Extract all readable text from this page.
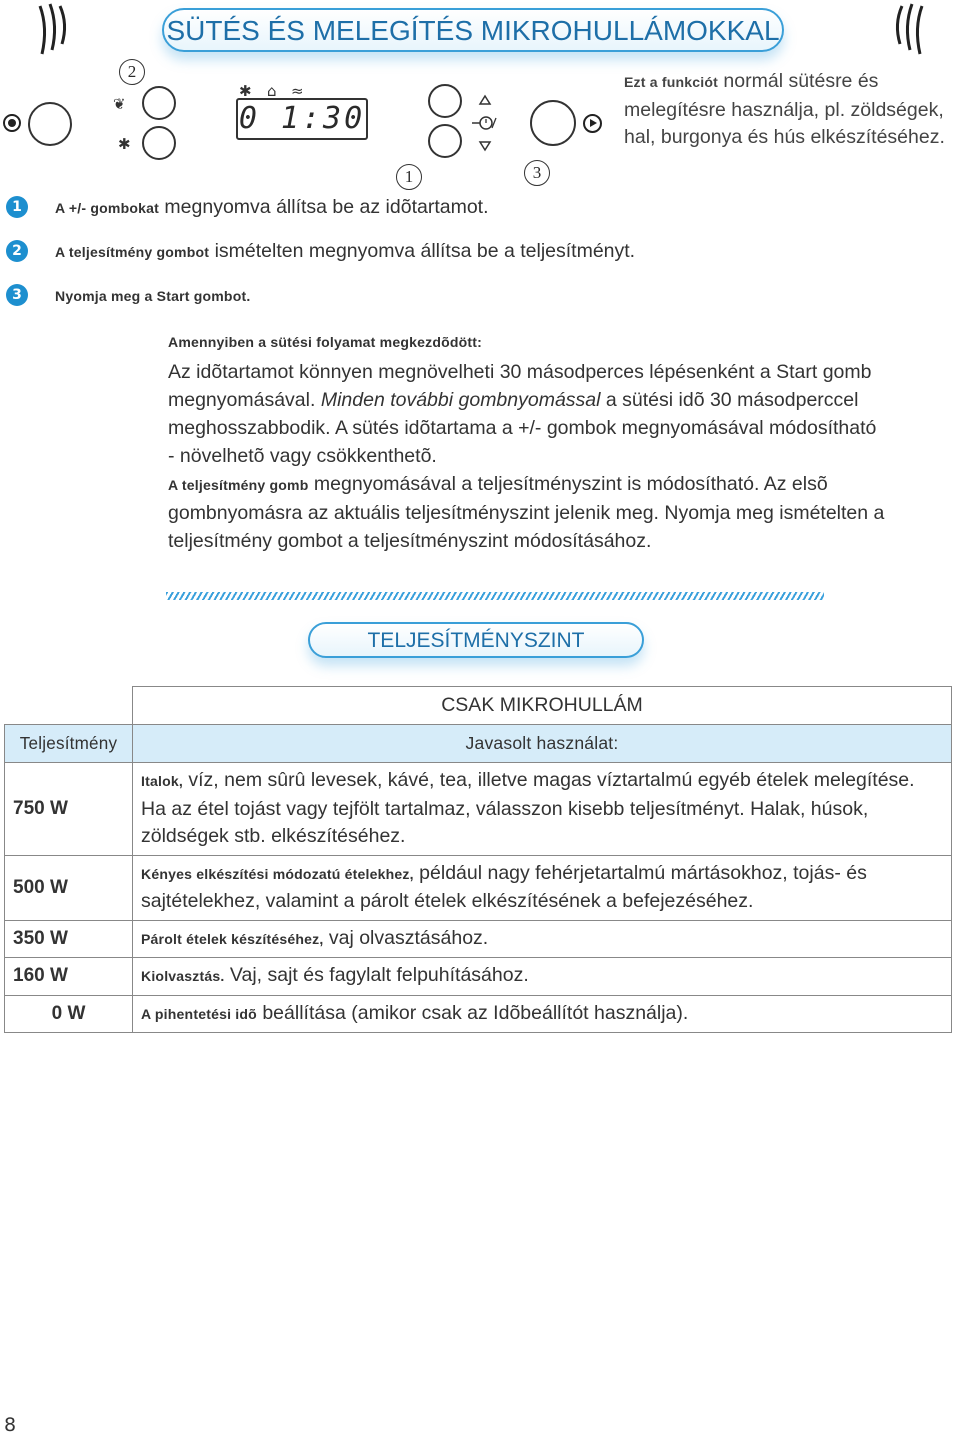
SÜTÉS ÉS MELEGÍTÉS MIKROHULLÁMOKKAL
2
❦
✱
✱ ⌂ ≈
0 1:30
1	3
Ezt a funkciót normál sütésre és melegítésre használja, pl. zöldségek, hal, burgonya és hús elkészítéséhez.
1	A +/- gombokat megnyomva állítsa be az idõtartamot.
2	A teljesítmény gombot ismételten megnyomva állítsa be a teljesítményt.
3	Nyomja meg a Start gombot.
Amennyiben a sütési folyamat megkezdõdött:

Az idõtartamot könnyen megnövelheti 30 másodperces lépésenként a Start gomb megnyomásával. Minden további gombnyomással a sütési idõ 30 másodperccel meghosszabbodik. A sütés idõtartama a +/- gombok megnyomásával módosítható - növelhetõ vagy csökkenthetõ.

A teljesítmény gomb megnyomásával a teljesítményszint is módosítható. Az elsõ gombnyomásra az aktuális teljesítményszint jelenik meg. Nyomja meg ismételten a teljesítmény gombot a teljesítményszint módosításához.

TELJESÍTMÉNYSZINT
	CSAK MIKROHULLÁM
Teljesítmény	Javasolt használat:
750 W	Italok, víz, nem sûrû levesek, kávé, tea, illetve magas víztartalmú egyéb ételek melegítése. Ha az étel tojást vagy tejfölt tartalmaz, válasszon kisebb teljesítményt. Halak, húsok, zöldségek stb. elkészítéséhez.
500 W	Kényes elkészítési módozatú ételekhez, például nagy fehérjetartalmú mártásokhoz, tojás- és sajtételekhez, valamint a párolt ételek elkészítésének a befejezéséhez.
350 W	Párolt ételek készítéséhez, vaj olvasztásához.
160 W	Kiolvasztás. Vaj, sajt és fagylalt felpuhításához.
0 W	A pihentetési idõ beállítása (amikor csak az Idõbeállítót használja).
8
